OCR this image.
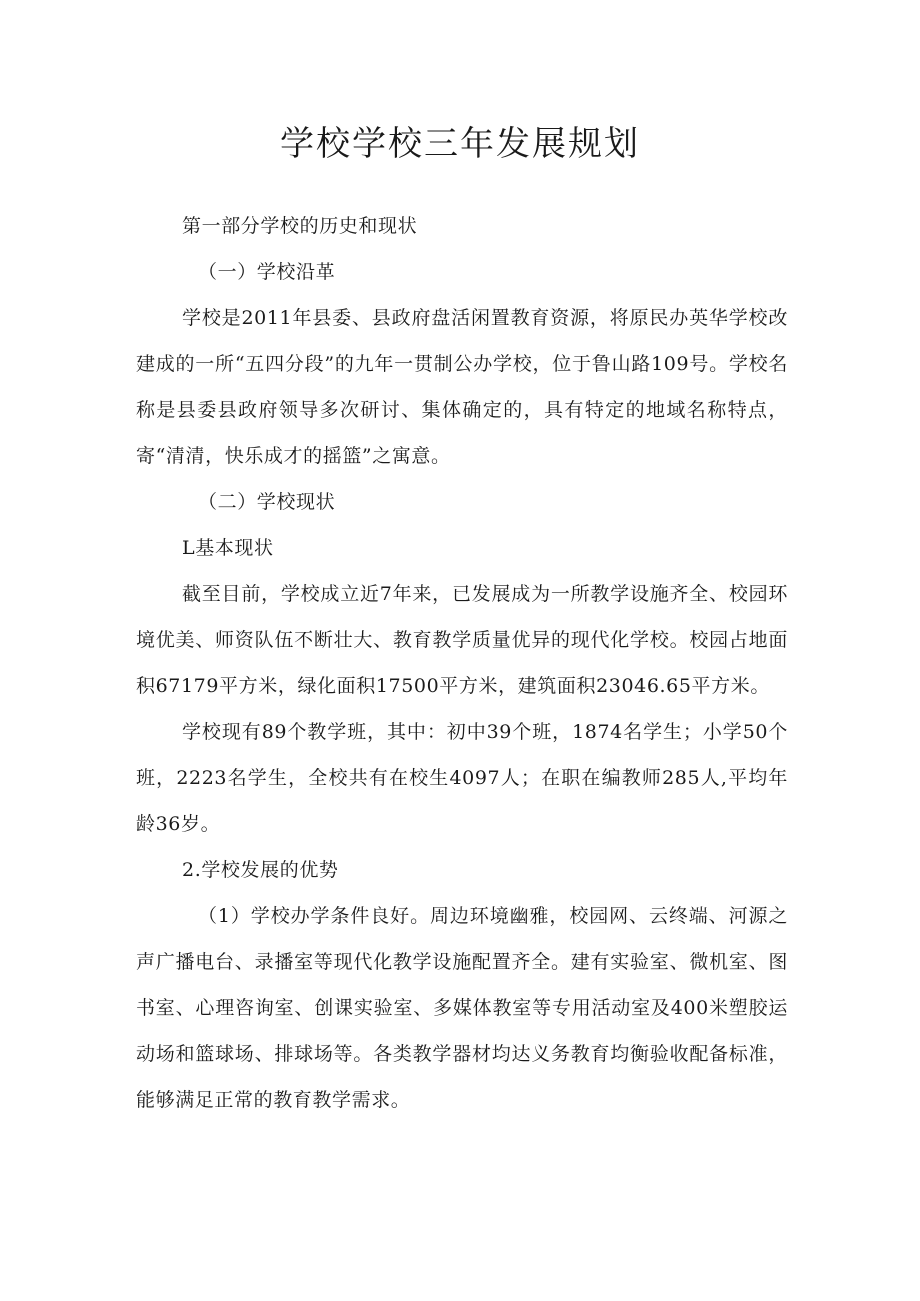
学校学校三年发展规划

第一部分学校的历史和现状

（一）学校沿革

学校是2011年县委、县政府盘活闲置教育资源，将原民办英华学校改建成的一所“五四分段”的九年一贯制公办学校，位于鲁山路109号。学校名称是县委县政府领导多次研讨、集体确定的，具有特定的地域名称特点，寄“清清，快乐成才的摇篮”之寓意。

（二）学校现状

L基本现状

截至目前，学校成立近7年来，已发展成为一所教学设施齐全、校园环境优美、师资队伍不断壮大、教育教学质量优异的现代化学校。校园占地面积67179平方米，绿化面积17500平方米，建筑面积23046.65平方米。

学校现有89个教学班，其中：初中39个班，1874名学生；小学50个班，2223名学生，全校共有在校生4097人；在职在编教师285人,平均年龄36岁。

2.学校发展的优势

（1）学校办学条件良好。周边环境幽雅，校园网、云终端、河源之声广播电台、录播室等现代化教学设施配置齐全。建有实验室、微机室、图书室、心理咨询室、创课实验室、多媒体教室等专用活动室及400米塑胶运动场和篮球场、排球场等。各类教学器材均达义务教育均衡验收配备标准，能够满足正常的教育教学需求。
